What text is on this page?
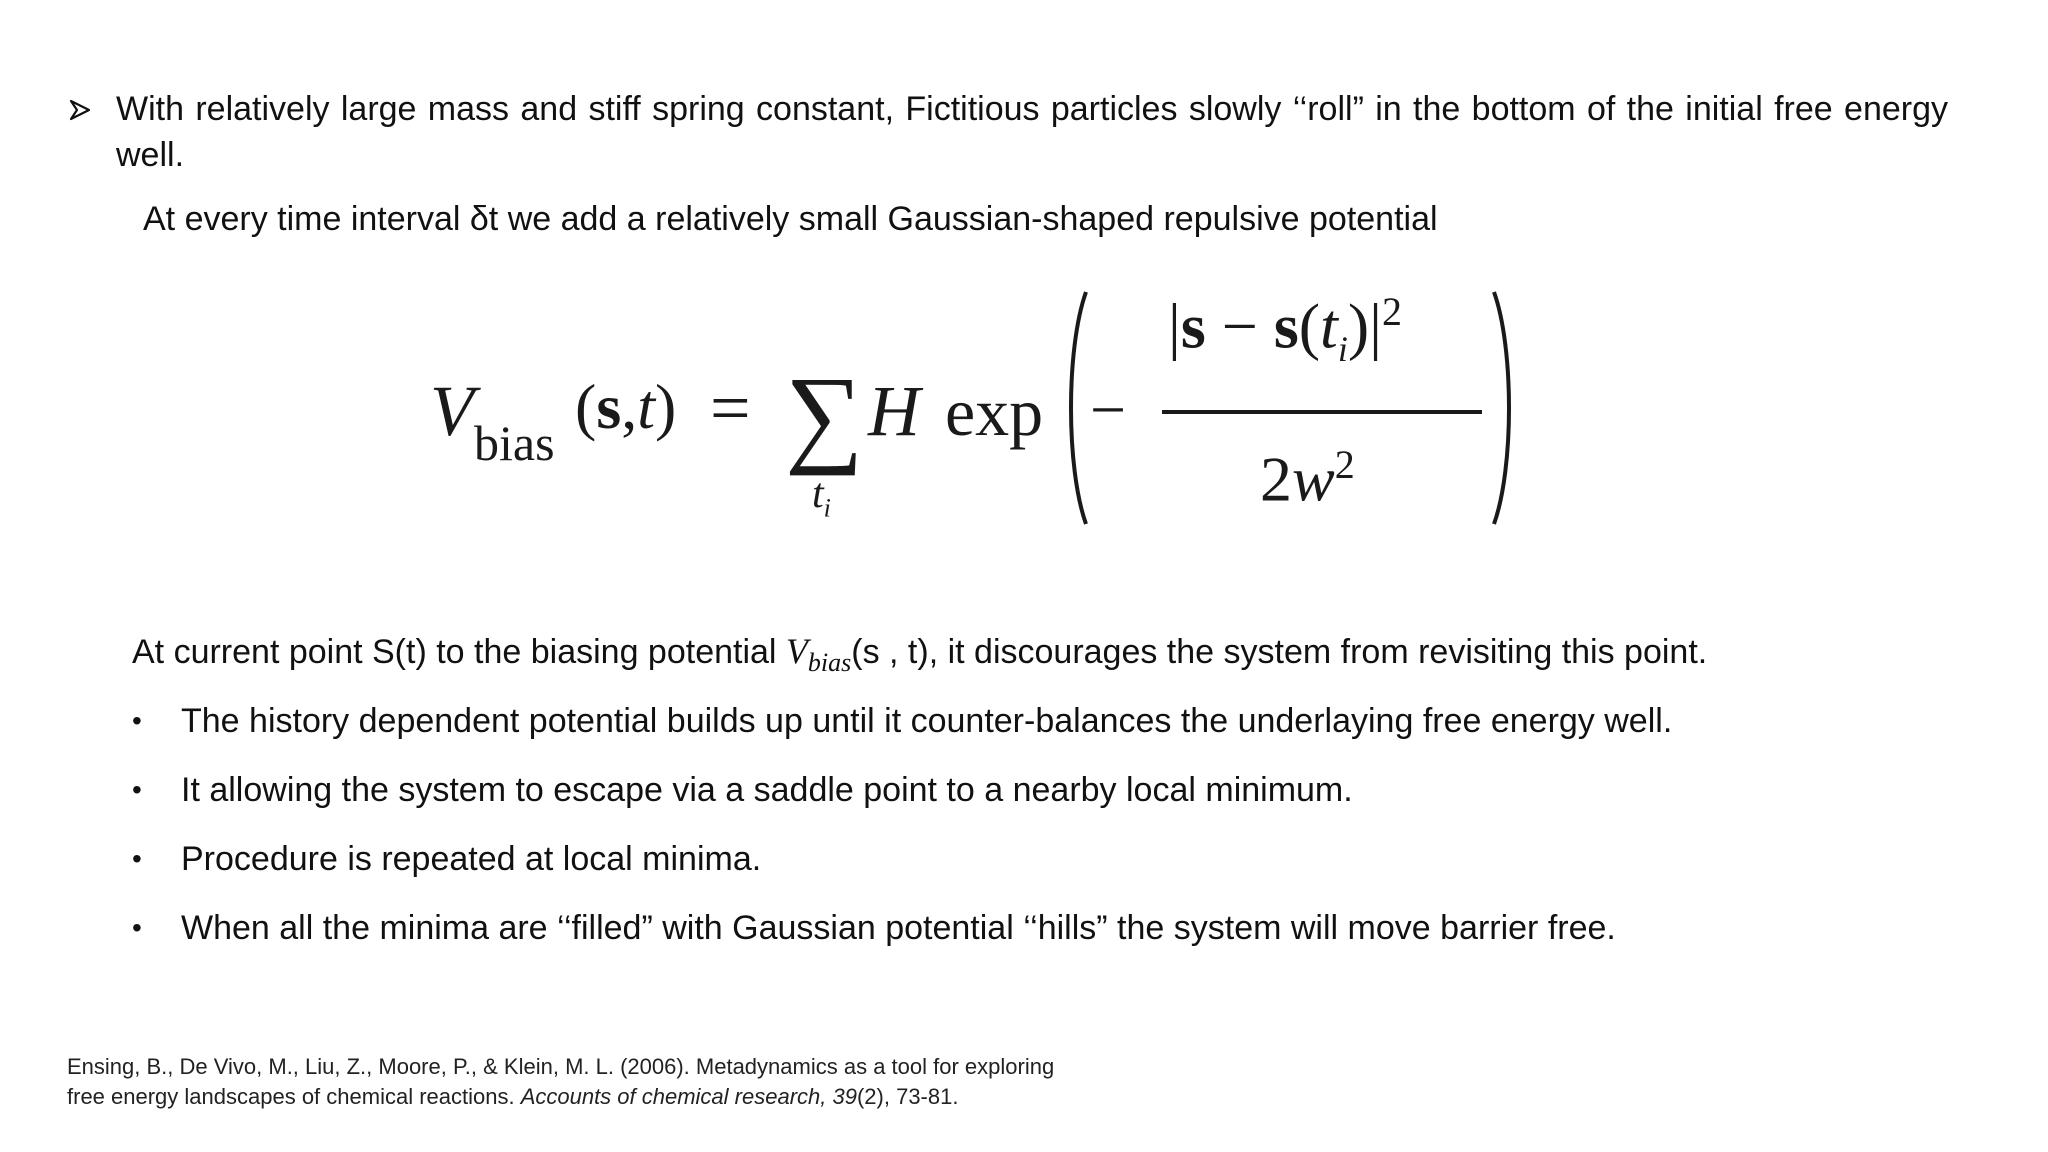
With relatively large mass and stiff spring constant, Fictitious particles slowly ‘‘roll” in the bottom of the initial free energy well.
At every time interval δt we add a relatively small Gaussian-shaped repulsive potential
V bias
(s,t) = ∑
$t_i$
H exp −
$|s - s(t_i)|^2$
$2w^2$
At current point S(t) to the biasing potential $V_{bias}(s$ , t), it discourages the system from revisiting this point.
• The history dependent potential builds up until it counter-balances the underlaying free energy well.
• It allowing the system to escape via a saddle point to a nearby local minimum.
• Procedure is repeated at local minima.
• When all the minima are ‘‘filled” with Gaussian potential ‘‘hills” the system will move barrier free.
Ensing, B., De Vivo, M., Liu, Z., Moore, P., & Klein, M. L. (2006). Metadynamics as a tool for exploring free energy landscapes of chemical reactions. Accounts of chemical research, 39(2), 73-81.
